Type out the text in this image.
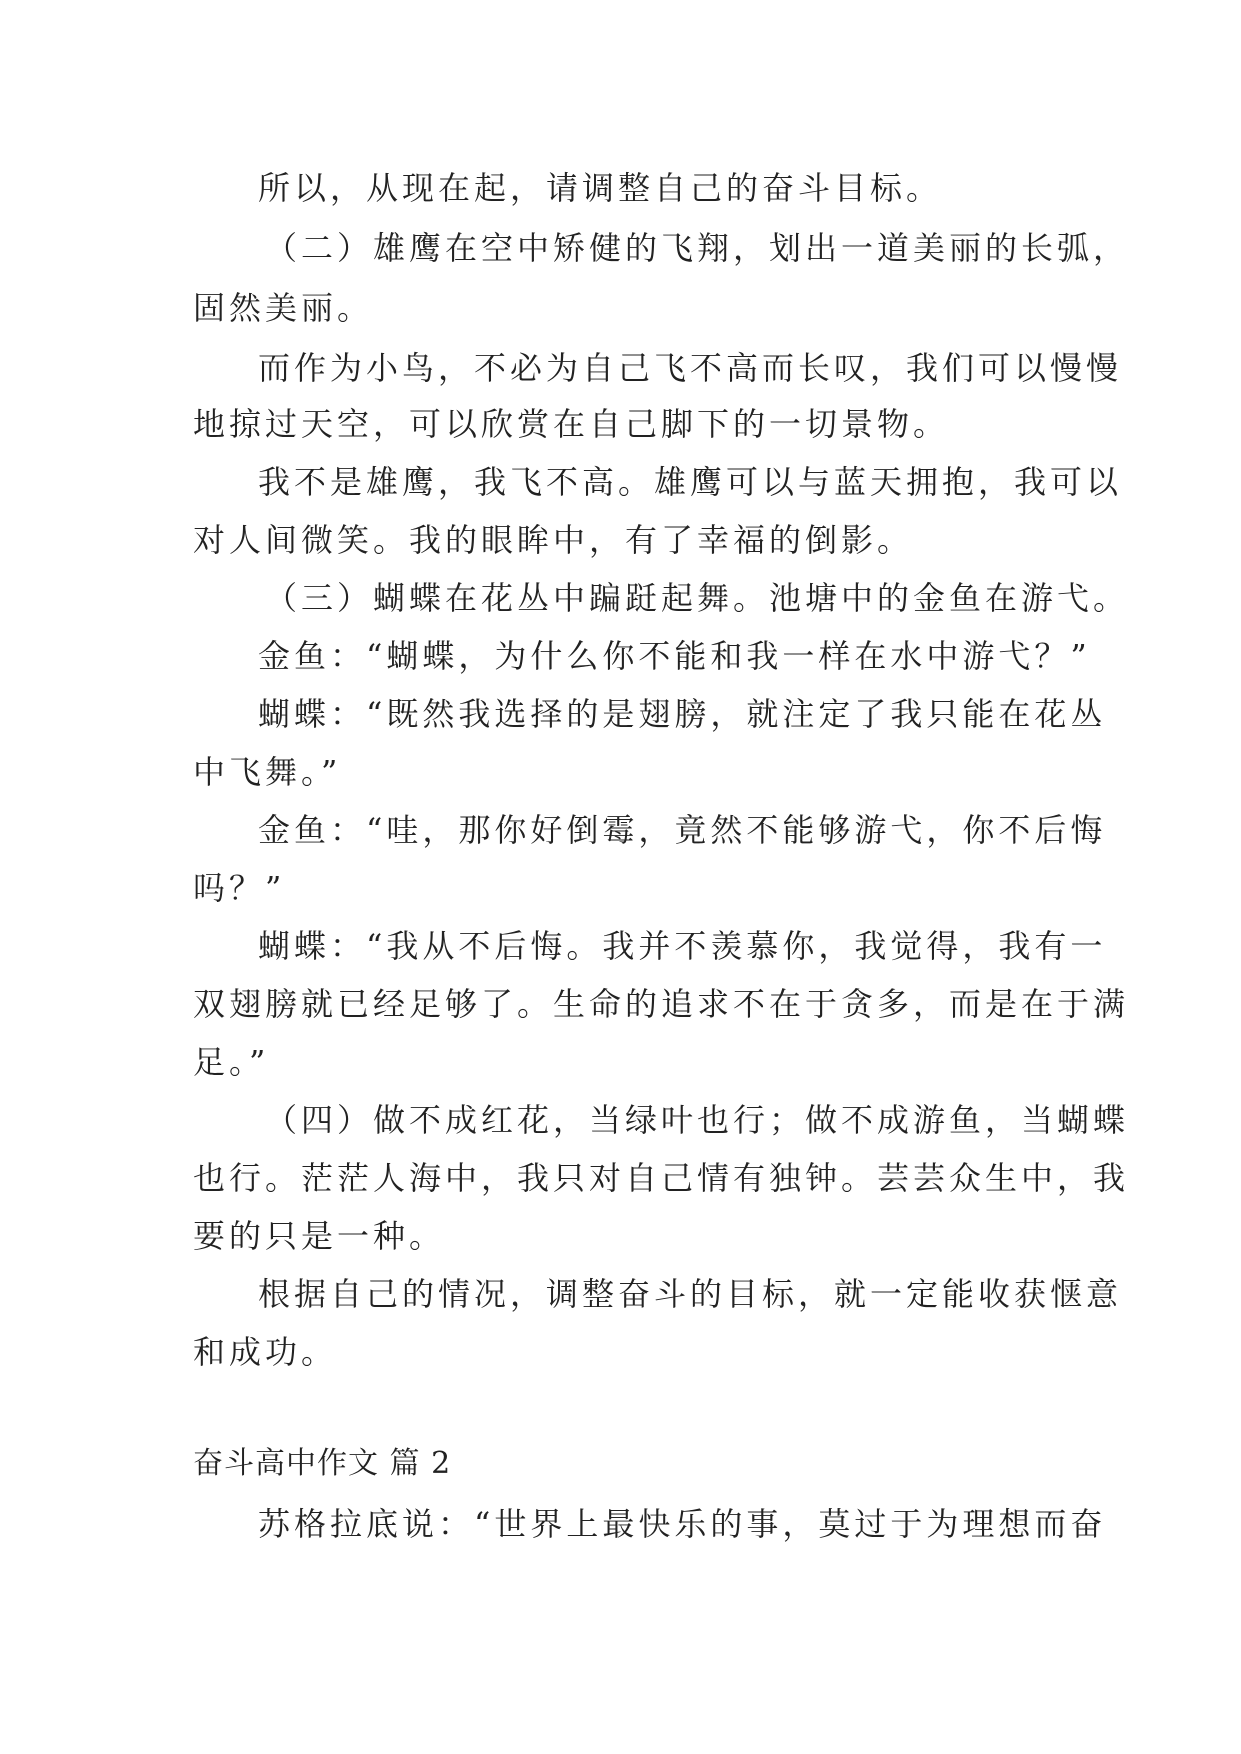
所以，从现在起，请调整自己的奋斗目标。
（二）雄鹰在空中矫健的飞翔，划出一道美丽的长弧，
固然美丽。
而作为小鸟，不必为自己飞不高而长叹，我们可以慢慢
地掠过天空，可以欣赏在自己脚下的一切景物。
我不是雄鹰，我飞不高。雄鹰可以与蓝天拥抱，我可以
对人间微笑。我的眼眸中，有了幸福的倒影。
（三）蝴蝶在花丛中蹁跹起舞。池塘中的金鱼在游弋。
金鱼：“蝴蝶，为什么你不能和我一样在水中游弋？”
蝴蝶：“既然我选择的是翅膀，就注定了我只能在花丛
中飞舞。”
金鱼：“哇，那你好倒霉，竟然不能够游弋，你不后悔
吗？”
蝴蝶：“我从不后悔。我并不羡慕你，我觉得，我有一
双翅膀就已经足够了。生命的追求不在于贪多，而是在于满
足。”
（四）做不成红花，当绿叶也行；做不成游鱼，当蝴蝶
也行。茫茫人海中，我只对自己情有独钟。芸芸众生中，我
要的只是一种。
根据自己的情况，调整奋斗的目标，就一定能收获惬意
和成功。
奋斗高中作文 篇 2
苏格拉底说：“世界上最快乐的事，莫过于为理想而奋
